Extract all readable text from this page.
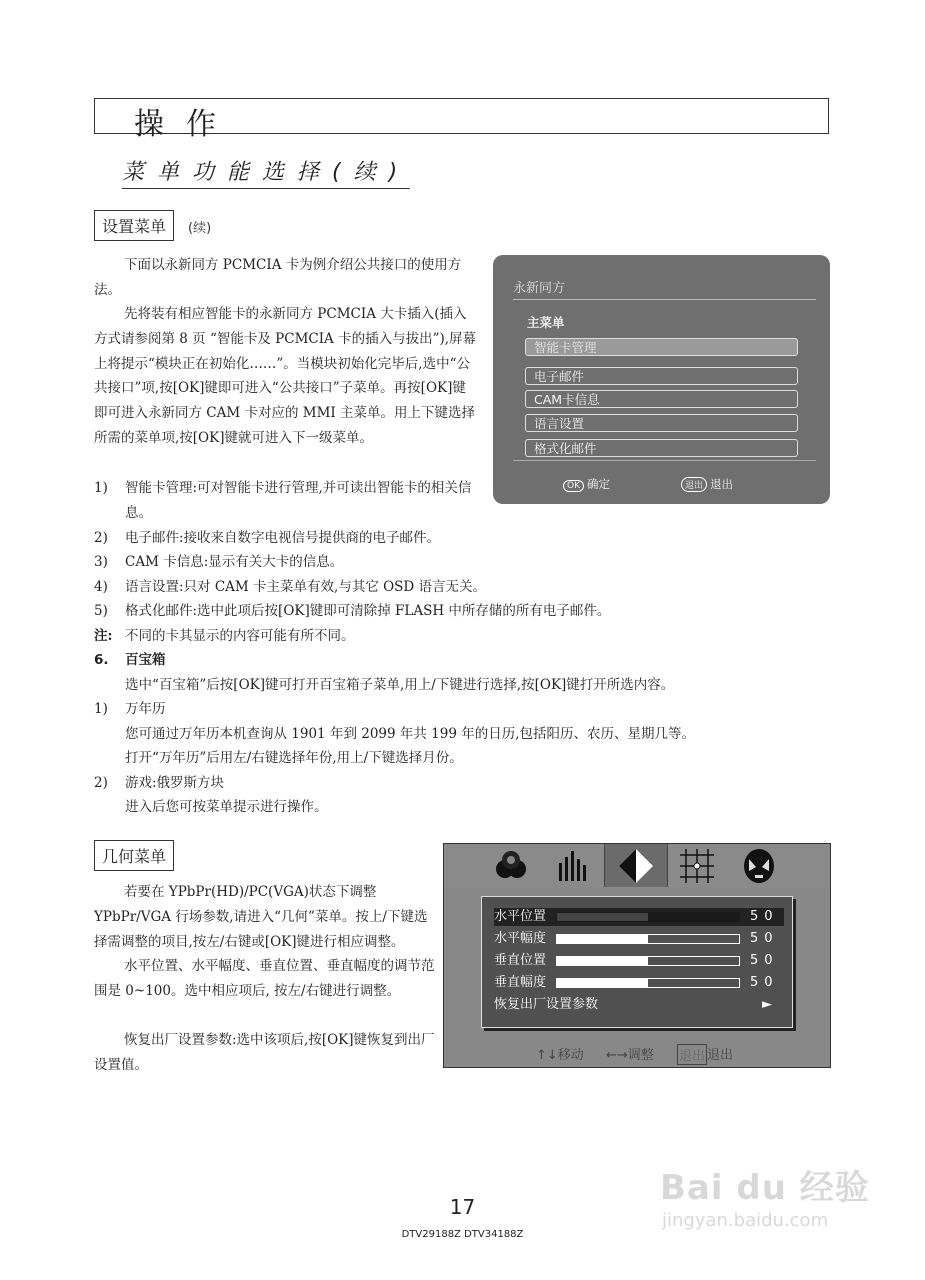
操作
菜单功能选择(续)
设置菜单	(续)
下面以永新同方 PCMCIA 卡为例介绍公共接口的使用方法。
先将装有相应智能卡的永新同方 PCMCIA 大卡插入(插入方式请参阅第 8 页 “智能卡及 PCMCIA 卡的插入与拔出”),屏幕上将提示“模块正在初始化……”。当模块初始化完毕后,选中“公共接口”项,按[OK]键即可进入“公共接口”子菜单。再按[OK]键即可进入永新同方 CAM 卡对应的 MMI 主菜单。用上下键选择所需的菜单项,按[OK]键就可进入下一级菜单。
1) 智能卡管理:可对智能卡进行管理,并可读出智能卡的相关信息。
2) 电子邮件:接收来自数字电视信号提供商的电子邮件。
3) CAM 卡信息:显示有关大卡的信息。
4) 语言设置:只对 CAM 卡主菜单有效,与其它 OSD 语言无关。
5) 格式化邮件:选中此项后按[OK]键即可清除掉 FLASH 中所存储的所有电子邮件。
注: 不同的卡其显示的内容可能有所不同。
6. 百宝箱
选中“百宝箱”后按[OK]键可打开百宝箱子菜单,用上/下键进行选择,按[OK]键打开所选内容。
1) 万年历
您可通过万年历本机查询从 1901 年到 2099 年共 199 年的日历,包括阳历、农历、星期几等。
打开“万年历”后用左/右键选择年份,用上/下键选择月份。
2) 游戏:俄罗斯方块
进入后您可按菜单提示进行操作。
永新同方
主菜单
智能卡管理
电子邮件
CAM卡信息
语言设置
格式化邮件
OK 确定	退出 退出
几何菜单
若要在 YPbPr(HD)/PC(VGA)状态下调整 YPbPr/VGA 行场参数,请进入“几何”菜单。按上/下键选择需调整的项目,按左/右键或[OK]键进行相应调整。
水平位置、水平幅度、垂直位置、垂直幅度的调节范围是 0~100。选中相应项后, 按左/右键进行调整。
恢复出厂设置参数:选中该项后,按[OK]键恢复到出厂设置值。
水平位置	50
水平幅度	50
垂直位置	50
垂直幅度	50
恢复出厂设置参数	►
↑↓移动 ←→调整 退出 退出
17
DTV29188Z DTV34188Z
Bai du 经验
jingyan.baidu.com
